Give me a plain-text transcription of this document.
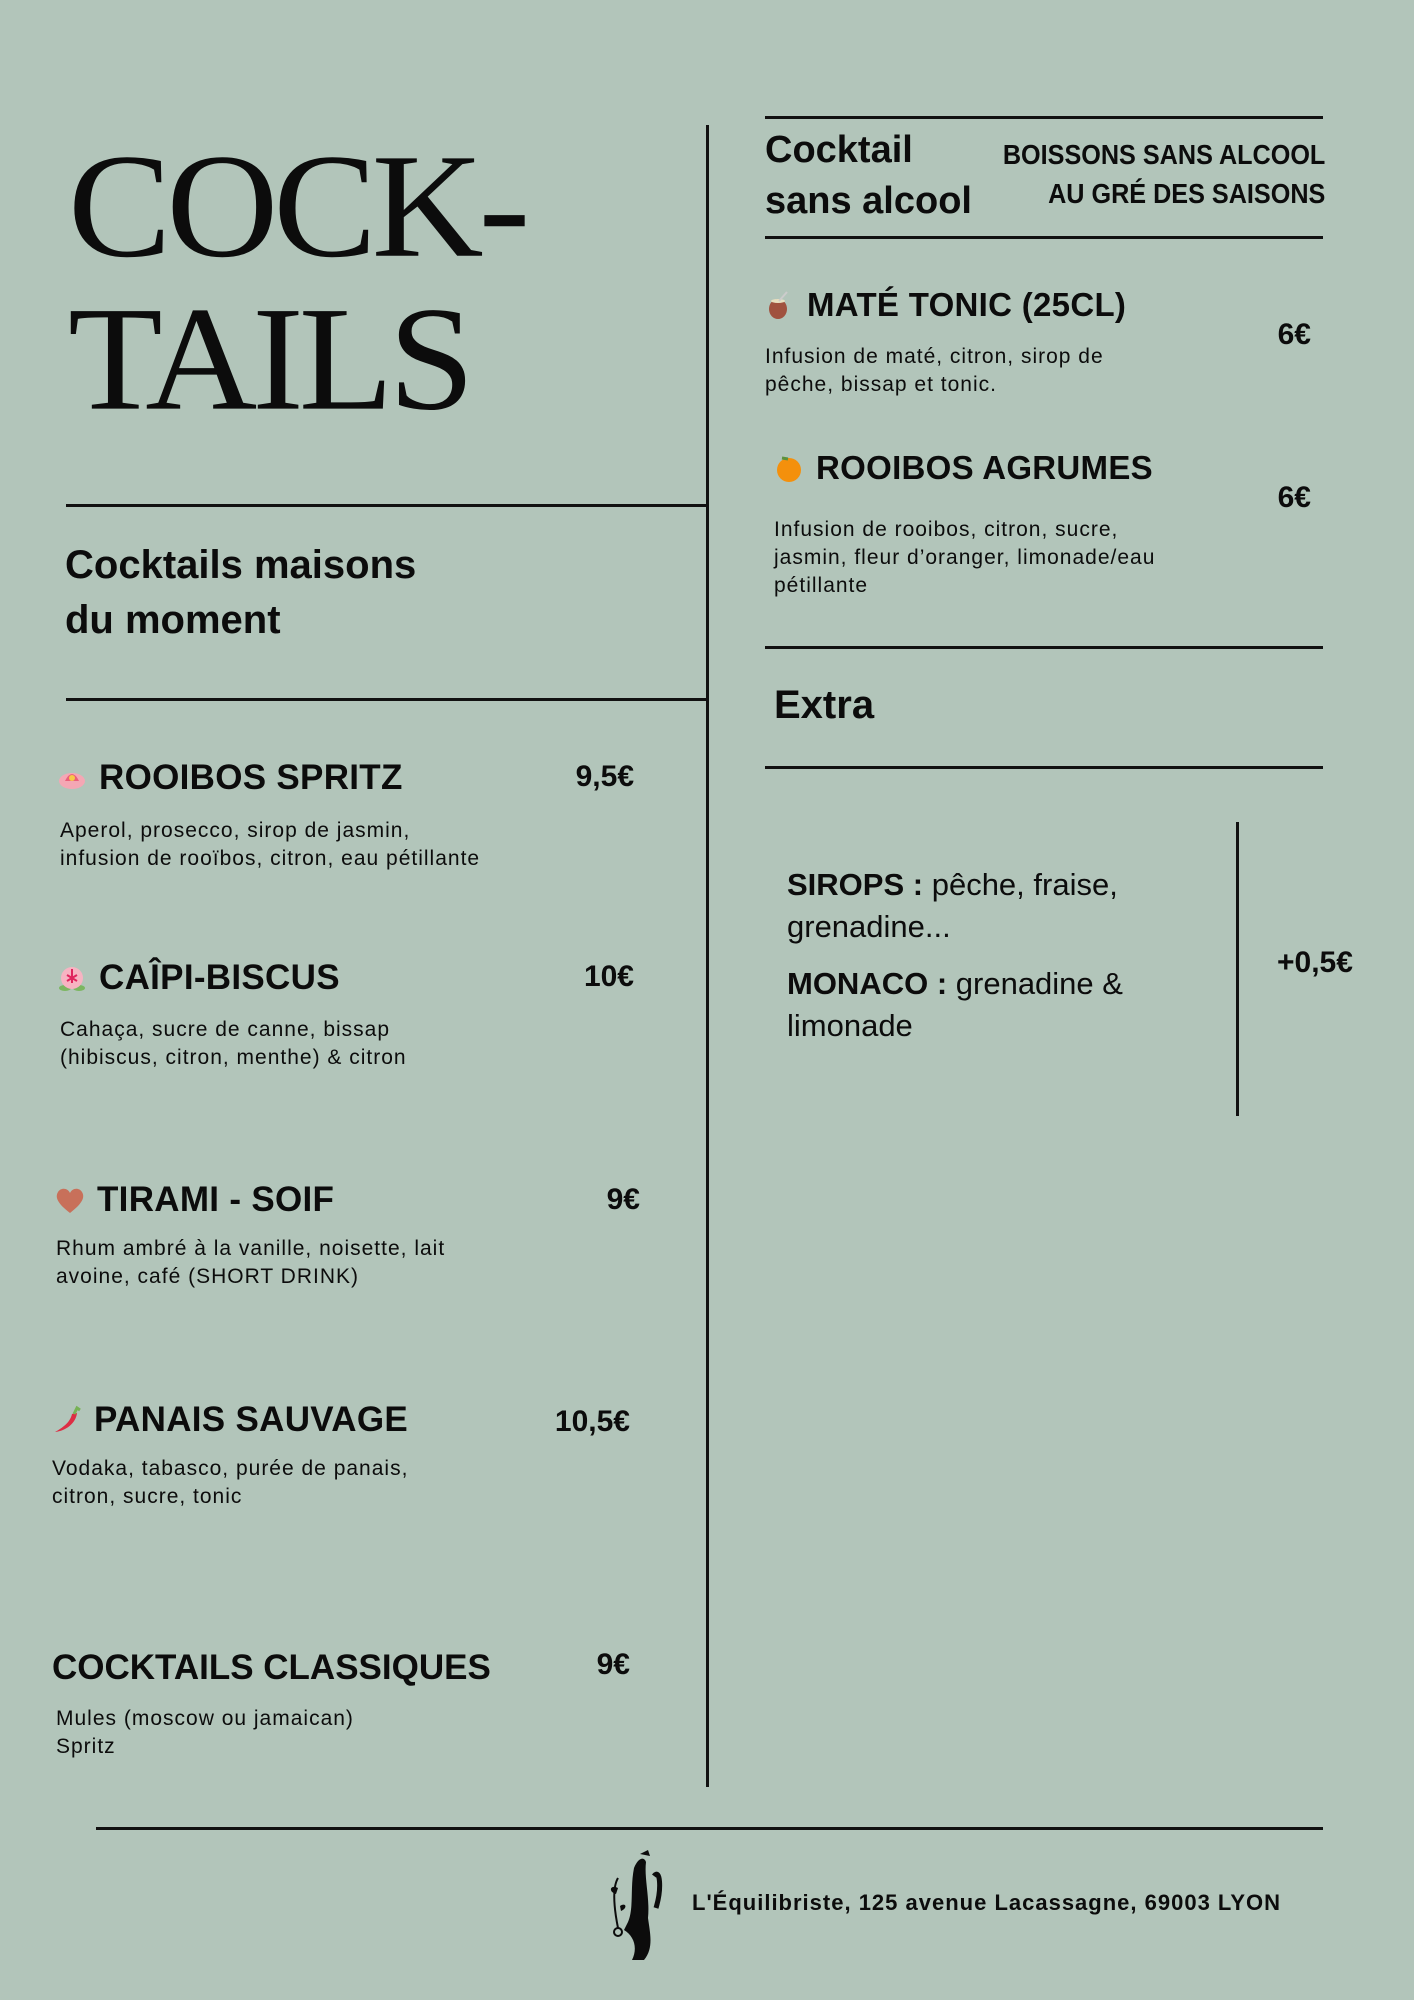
COCK-
TAILS
Cocktails maisons
du moment
ROOIBOS SPRITZ	9,5€
Aperol, prosecco, sirop de jasmin,
infusion de rooïbos, citron, eau pétillante
CAÎPI-BISCUS	10€
Cahaça, sucre de canne, bissap
(hibiscus, citron, menthe) & citron
TIRAMI - SOIF	9€
Rhum ambré à la vanille, noisette, lait
avoine, café (SHORT DRINK)
PANAIS SAUVAGE	10,5€
Vodaka, tabasco, purée de panais,
citron, sucre, tonic
COCKTAILS CLASSIQUES	9€
Mules (moscow ou jamaican)
Spritz
Cocktail
sans alcool
BOISSONS SANS ALCOOL
AU GRÉ DES SAISONS
MATÉ TONIC (25CL)
6€
Infusion de maté, citron, sirop de
pêche, bissap et tonic.
ROOIBOS AGRUMES
6€
Infusion de rooibos, citron, sucre,
jasmin, fleur d’oranger, limonade/eau
pétillante
Extra
SIROPS : pêche, fraise,
grenadine...
MONACO : grenadine &
limonade
+0,5€
L'Équilibriste, 125 avenue Lacassagne, 69003 LYON
